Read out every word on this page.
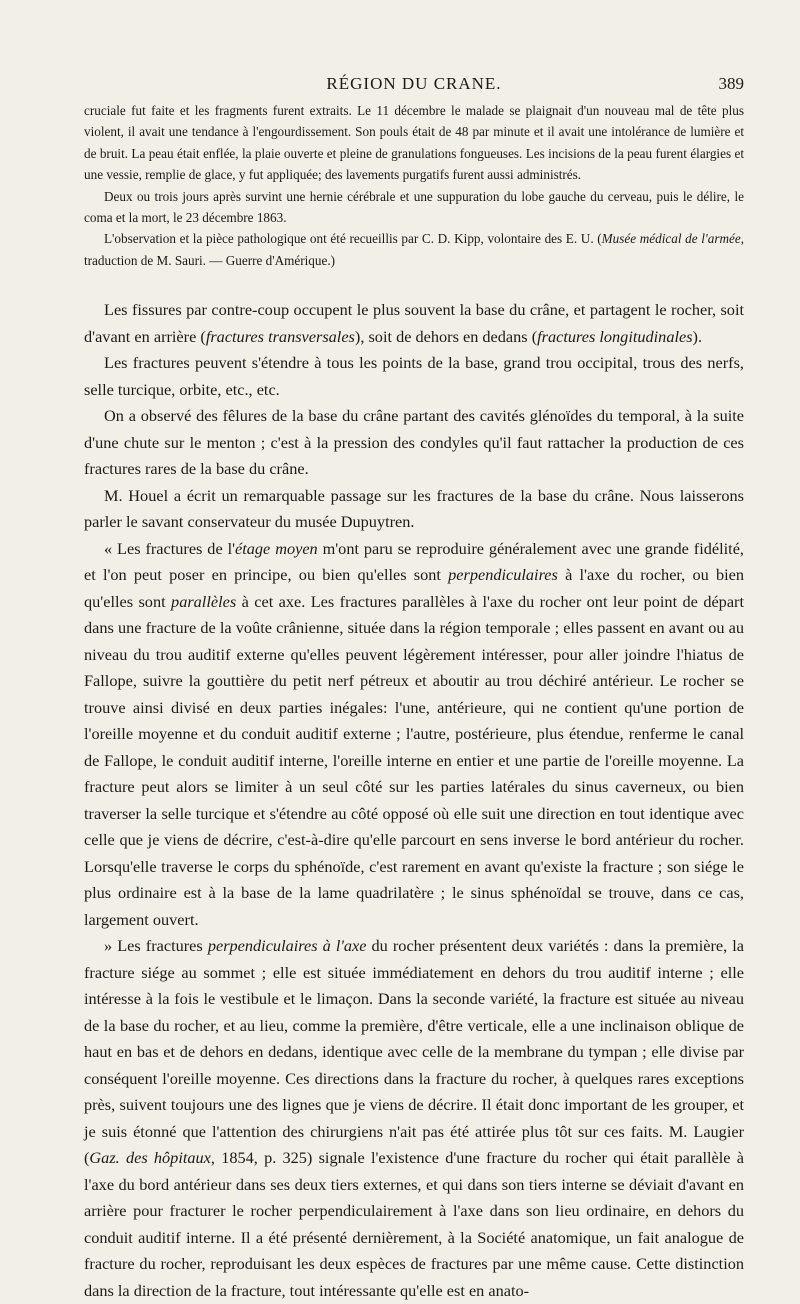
RÉGION DU CRANE.	389

cruciale fut faite et les fragments furent extraits. Le 11 décembre le malade se plaignait d'un nouveau mal de tête plus violent, il avait une tendance à l'engourdissement. Son pouls était de 48 par minute et il avait une intolérance de lumière et de bruit. La peau était enflée, la plaie ouverte et pleine de granulations fongueuses. Les incisions de la peau furent élargies et une vessie, remplie de glace, y fut appliquée; des lavements purgatifs furent aussi administrés.

Deux ou trois jours après survint une hernie cérébrale et une suppuration du lobe gauche du cerveau, puis le délire, le coma et la mort, le 23 décembre 1863.

L'observation et la pièce pathologique ont été recueillis par C. D. Kipp, volontaire des E. U. (Musée médical de l'armée, traduction de M. Sauri. — Guerre d'Amérique.)

Les fissures par contre-coup occupent le plus souvent la base du crâne, et partagent le rocher, soit d'avant en arrière (fractures transversales), soit de dehors en dedans (fractures longitudinales).

Les fractures peuvent s'étendre à tous les points de la base, grand trou occipital, trous des nerfs, selle turcique, orbite, etc., etc.

On a observé des fêlures de la base du crâne partant des cavités glénoïdes du temporal, à la suite d'une chute sur le menton ; c'est à la pression des condyles qu'il faut rattacher la production de ces fractures rares de la base du crâne.

M. Houel a écrit un remarquable passage sur les fractures de la base du crâne. Nous laisserons parler le savant conservateur du musée Dupuytren.

« Les fractures de l'étage moyen m'ont paru se reproduire généralement avec une grande fidélité, et l'on peut poser en principe, ou bien qu'elles sont perpendiculaires à l'axe du rocher, ou bien qu'elles sont parallèles à cet axe. Les fractures parallèles à l'axe du rocher ont leur point de départ dans une fracture de la voûte crânienne, située dans la région temporale ; elles passent en avant ou au niveau du trou auditif externe qu'elles peuvent légèrement intéresser, pour aller joindre l'hiatus de Fallope, suivre la gouttière du petit nerf pétreux et aboutir au trou déchiré antérieur. Le rocher se trouve ainsi divisé en deux parties inégales: l'une, antérieure, qui ne contient qu'une portion de l'oreille moyenne et du conduit auditif externe ; l'autre, postérieure, plus étendue, renferme le canal de Fallope, le conduit auditif interne, l'oreille interne en entier et une partie de l'oreille moyenne. La fracture peut alors se limiter à un seul côté sur les parties latérales du sinus caverneux, ou bien traverser la selle turcique et s'étendre au côté opposé où elle suit une direction en tout identique avec celle que je viens de décrire, c'est-à-dire qu'elle parcourt en sens inverse le bord antérieur du rocher. Lorsqu'elle traverse le corps du sphénoïde, c'est rarement en avant qu'existe la fracture ; son siége le plus ordinaire est à la base de la lame quadrilatère ; le sinus sphénoïdal se trouve, dans ce cas, largement ouvert.

» Les fractures perpendiculaires à l'axe du rocher présentent deux variétés : dans la première, la fracture siége au sommet ; elle est située immédiatement en dehors du trou auditif interne ; elle intéresse à la fois le vestibule et le limaçon. Dans la seconde variété, la fracture est située au niveau de la base du rocher, et au lieu, comme la première, d'être verticale, elle a une inclinaison oblique de haut en bas et de dehors en dedans, identique avec celle de la membrane du tympan ; elle divise par conséquent l'oreille moyenne. Ces directions dans la fracture du rocher, à quelques rares exceptions près, suivent toujours une des lignes que je viens de décrire. Il était donc important de les grouper, et je suis étonné que l'attention des chirurgiens n'ait pas été attirée plus tôt sur ces faits. M. Laugier (Gaz. des hôpitaux, 1854, p. 325) signale l'existence d'une fracture du rocher qui était parallèle à l'axe du bord antérieur dans ses deux tiers externes, et qui dans son tiers interne se déviait d'avant en arrière pour fracturer le rocher perpendiculairement à l'axe dans son lieu ordinaire, en dehors du conduit auditif interne. Il a été présenté dernièrement, à la Société anatomique, un fait analogue de fracture du rocher, reproduisant les deux espèces de fractures par une même cause. Cette distinction dans la direction de la fracture, tout intéressante qu'elle est en anato-
